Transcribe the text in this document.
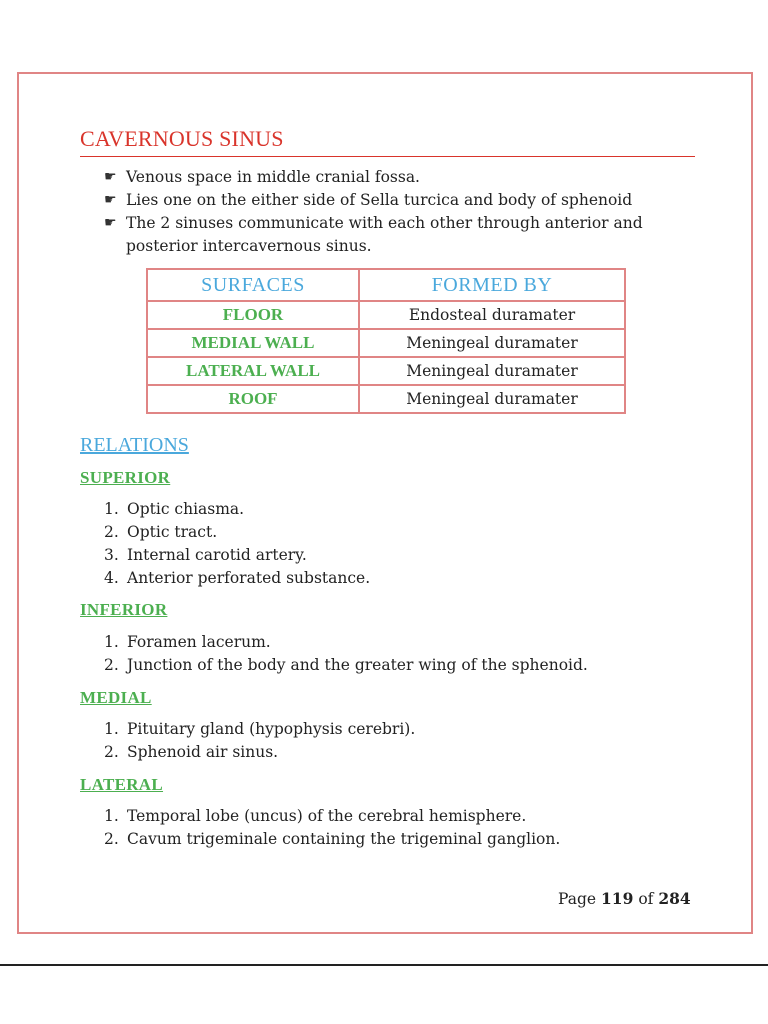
CAVERNOUS SINUS
☛ Venous space in middle cranial fossa.
☛ Lies one on the either side of Sella turcica and body of sphenoid
☛ The 2 sinuses communicate with each other through anterior and posterior intercavernous sinus.
SURFACES	FORMED BY
FLOOR	Endosteal duramater
MEDIAL WALL	Meningeal duramater
LATERAL WALL	Meningeal duramater
ROOF	Meningeal duramater
RELATIONS
SUPERIOR
1. Optic chiasma.
2. Optic tract.
3. Internal carotid artery.
4. Anterior perforated substance.
INFERIOR
1. Foramen lacerum.
2. Junction of the body and the greater wing of the sphenoid.
MEDIAL
1. Pituitary gland (hypophysis cerebri).
2. Sphenoid air sinus.
LATERAL
1. Temporal lobe (uncus) of the cerebral hemisphere.
2. Cavum trigeminale containing the trigeminal ganglion.
Page 119 of 284
